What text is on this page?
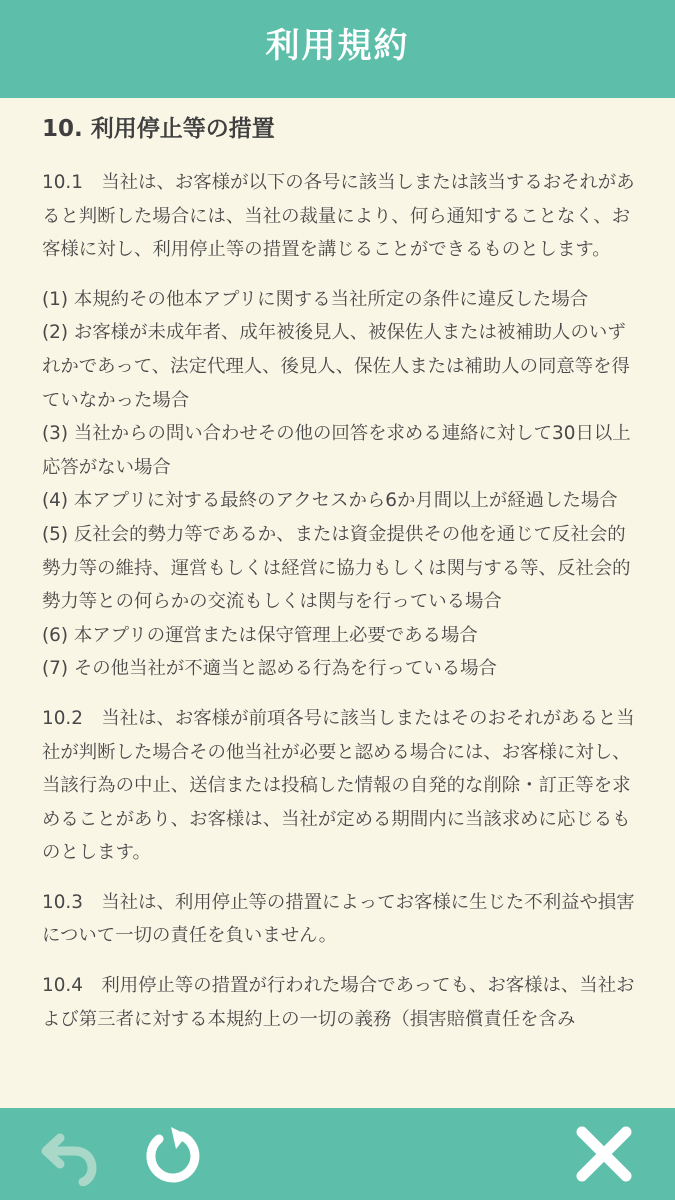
利用規約
10. 利用停止等の措置

10.1　当社は、お客様が以下の各号に該当しまたは該当するおそれがあると判断した場合には、当社の裁量により、何ら通知することなく、お客様に対し、利用停止等の措置を講じることができるものとします。

(1) 本規約その他本アプリに関する当社所定の条件に違反した場合
(2) お客様が未成年者、成年被後見人、被保佐人または被補助人のいずれかであって、法定代理人、後見人、保佐人または補助人の同意等を得ていなかった場合
(3) 当社からの問い合わせその他の回答を求める連絡に対して30日以上応答がない場合
(4) 本アプリに対する最終のアクセスから6か月間以上が経過した場合
(5) 反社会的勢力等であるか、または資金提供その他を通じて反社会的勢力等の維持、運営もしくは経営に協力もしくは関与する等、反社会的勢力等との何らかの交流もしくは関与を行っている場合
(6) 本アプリの運営または保守管理上必要である場合
(7) その他当社が不適当と認める行為を行っている場合

10.2　当社は、お客様が前項各号に該当しまたはそのおそれがあると当社が判断した場合その他当社が必要と認める場合には、お客様に対し、当該行為の中止、送信または投稿した情報の自発的な削除・訂正等を求めることがあり、お客様は、当社が定める期間内に当該求めに応じるものとします。

10.3　当社は、利用停止等の措置によってお客様に生じた不利益や損害について一切の責任を負いません。

10.4　利用停止等の措置が行われた場合であっても、お客様は、当社および第三者に対する本規約上の一切の義務（損害賠償責任を含み
